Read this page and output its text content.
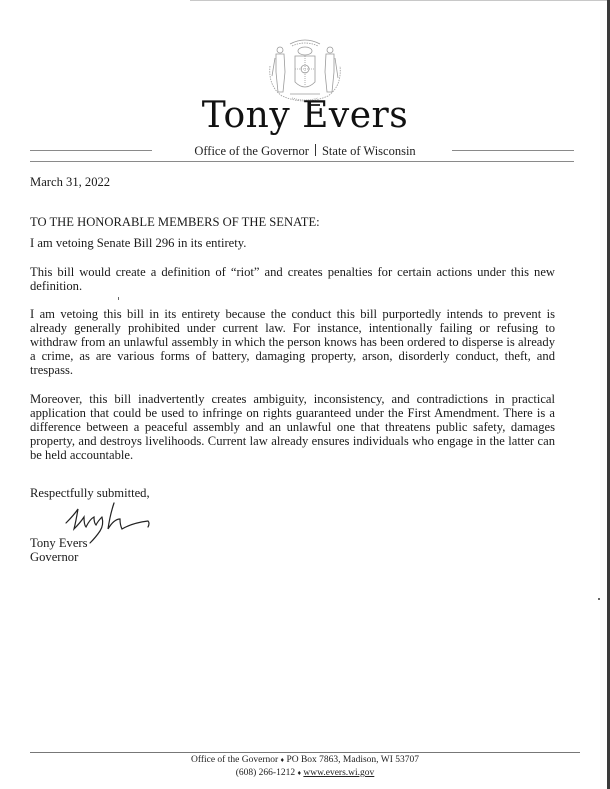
Tony Evers
Office of the Governor State of Wisconsin
March 31, 2022
TO THE HONORABLE MEMBERS OF THE SENATE:

I am vetoing Senate Bill 296 in its entirety.

This bill would create a definition of “riot” and creates penalties for certain actions under this new definition.

I am vetoing this bill in its entirety because the conduct this bill purportedly intends to prevent is already generally prohibited under current law. For instance, intentionally failing or refusing to withdraw from an unlawful assembly in which the person knows has been ordered to disperse is already a crime, as are various forms of battery, damaging property, arson, disorderly conduct, theft, and trespass.

Moreover, this bill inadvertently creates ambiguity, inconsistency, and contradictions in practical application that could be used to infringe on rights guaranteed under the First Amendment. There is a difference between a peaceful assembly and an unlawful one that threatens public safety, damages property, and destroys livelihoods. Current law already ensures individuals who engage in the latter can be held accountable.

Respectfully submitted,
Tony Evers
Governor
Office of the Governor ♦ PO Box 7863, Madison, WI 53707
(608) 266-1212 ♦ www.evers.wi.gov
